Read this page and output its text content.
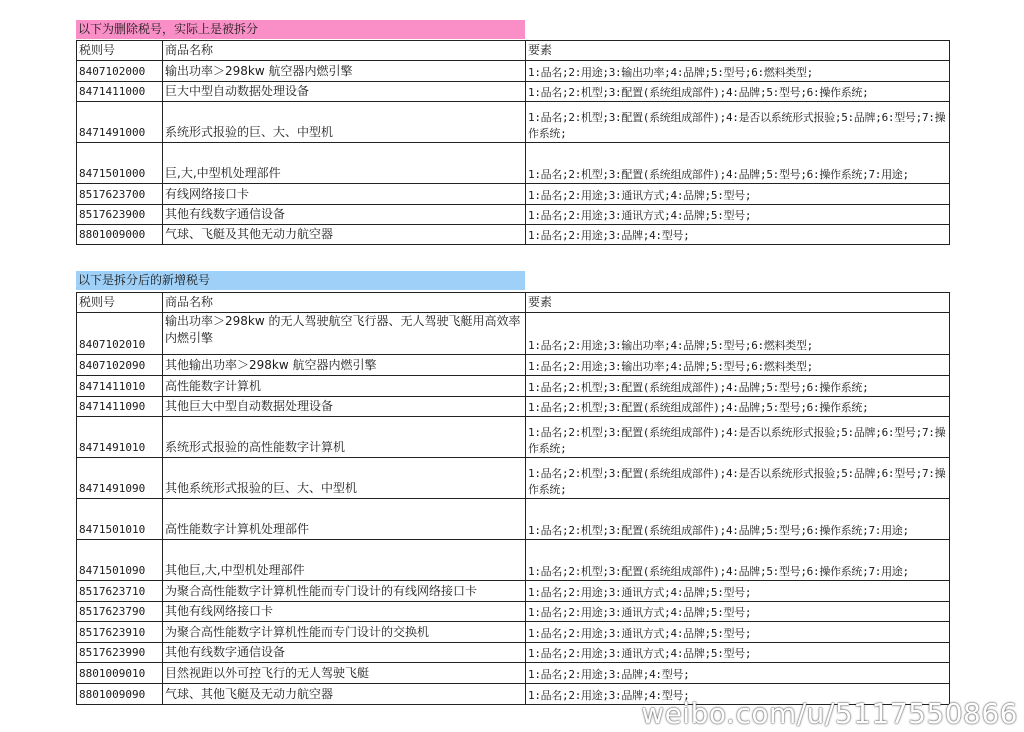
以下为删除税号，实际上是被拆分
税则号	商品名称	要素
8407102000	输出功率＞298kw 航空器内燃引擎	1:品名;2:用途;3:输出功率;4:品牌;5:型号;6:燃料类型;
8471411000	巨大中型自动数据处理设备	1:品名;2:机型;3:配置(系统组成部件);4:品牌;5:型号;6:操作系统;
8471491000	系统形式报验的巨、大、中型机	1:品名;2:机型;3:配置(系统组成部件);4:是否以系统形式报验;5:品牌;6:型号;7:操作系统;
8471501000	巨,大,中型机处理部件	1:品名;2:机型;3:配置(系统组成部件);4:品牌;5:型号;6:操作系统;7:用途;
8517623700	有线网络接口卡	1:品名;2:用途;3:通讯方式;4:品牌;5:型号;
8517623900	其他有线数字通信设备	1:品名;2:用途;3:通讯方式;4:品牌;5:型号;
8801009000	气球、飞艇及其他无动力航空器	1:品名;2:用途;3:品牌;4:型号;
以下是拆分后的新增税号
税则号	商品名称	要素
8407102010	输出功率＞298kw 的无人驾驶航空飞行器、无人驾驶飞艇用高效率内燃引擎	1:品名;2:用途;3:输出功率;4:品牌;5:型号;6:燃料类型;
8407102090	其他输出功率＞298kw 航空器内燃引擎	1:品名;2:用途;3:输出功率;4:品牌;5:型号;6:燃料类型;
8471411010	高性能数字计算机	1:品名;2:机型;3:配置(系统组成部件);4:品牌;5:型号;6:操作系统;
8471411090	其他巨大中型自动数据处理设备	1:品名;2:机型;3:配置(系统组成部件);4:品牌;5:型号;6:操作系统;
8471491010	系统形式报验的高性能数字计算机	1:品名;2:机型;3:配置(系统组成部件);4:是否以系统形式报验;5:品牌;6:型号;7:操作系统;
8471491090	其他系统形式报验的巨、大、中型机	1:品名;2:机型;3:配置(系统组成部件);4:是否以系统形式报验;5:品牌;6:型号;7:操作系统;
8471501010	高性能数字计算机处理部件	1:品名;2:机型;3:配置(系统组成部件);4:品牌;5:型号;6:操作系统;7:用途;
8471501090	其他巨,大,中型机处理部件	1:品名;2:机型;3:配置(系统组成部件);4:品牌;5:型号;6:操作系统;7:用途;
8517623710	为聚合高性能数字计算机性能而专门设计的有线网络接口卡	1:品名;2:用途;3:通讯方式;4:品牌;5:型号;
8517623790	其他有线网络接口卡	1:品名;2:用途;3:通讯方式;4:品牌;5:型号;
8517623910	为聚合高性能数字计算机性能而专门设计的交换机	1:品名;2:用途;3:通讯方式;4:品牌;5:型号;
8517623990	其他有线数字通信设备	1:品名;2:用途;3:通讯方式;4:品牌;5:型号;
8801009010	目然视距以外可控飞行的无人驾驶飞艇	1:品名;2:用途;3:品牌;4:型号;
8801009090	气球、其他飞艇及无动力航空器	1:品名;2:用途;3:品牌;4:型号;
weibo.com/u/5117550866
